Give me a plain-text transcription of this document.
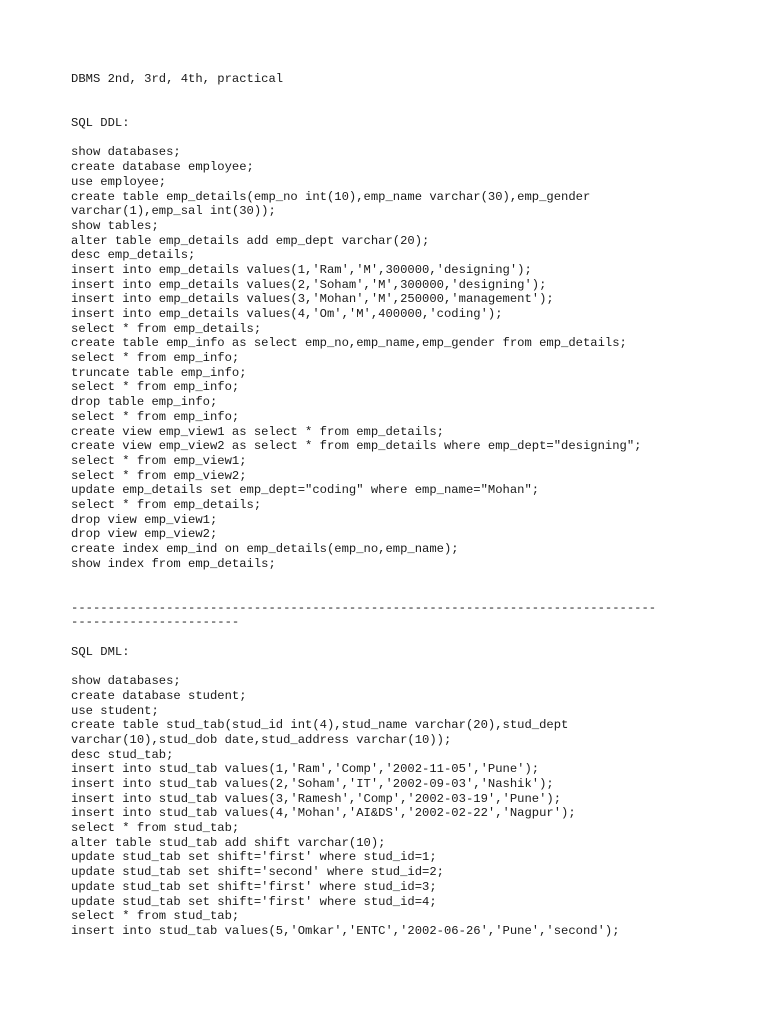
DBMS 2nd, 3rd, 4th, practical
SQL DDL:
show databases;
create database employee;
use employee;
create table emp_details(emp_no int(10),emp_name varchar(30),emp_gender
varchar(1),emp_sal int(30));
show tables;
alter table emp_details add emp_dept varchar(20);
desc emp_details;
insert into emp_details values(1,'Ram','M',300000,'designing');
insert into emp_details values(2,'Soham','M',300000,'designing');
insert into emp_details values(3,'Mohan','M',250000,'management');
insert into emp_details values(4,'Om','M',400000,'coding');
select * from emp_details;
create table emp_info as select emp_no,emp_name,emp_gender from emp_details;
select * from emp_info;
truncate table emp_info;
select * from emp_info;
drop table emp_info;
select * from emp_info;
create view emp_view1 as select * from emp_details;
create view emp_view2 as select * from emp_details where emp_dept="designing";
select * from emp_view1;
select * from emp_view2;
update emp_details set emp_dept="coding" where emp_name="Mohan";
select * from emp_details;
drop view emp_view1;
drop view emp_view2;
create index emp_ind on emp_details(emp_no,emp_name);
show index from emp_details;
--------------------------------------------------------------------------------
-----------------------
SQL DML:
show databases;
create database student;
use student;
create table stud_tab(stud_id int(4),stud_name varchar(20),stud_dept
varchar(10),stud_dob date,stud_address varchar(10));
desc stud_tab;
insert into stud_tab values(1,'Ram','Comp','2002-11-05','Pune');
insert into stud_tab values(2,'Soham','IT','2002-09-03','Nashik');
insert into stud_tab values(3,'Ramesh','Comp','2002-03-19','Pune');
insert into stud_tab values(4,'Mohan','AI&DS','2002-02-22','Nagpur');
select * from stud_tab;
alter table stud_tab add shift varchar(10);
update stud_tab set shift='first' where stud_id=1;
update stud_tab set shift='second' where stud_id=2;
update stud_tab set shift='first' where stud_id=3;
update stud_tab set shift='first' where stud_id=4;
select * from stud_tab;
insert into stud_tab values(5,'Omkar','ENTC','2002-06-26','Pune','second');
